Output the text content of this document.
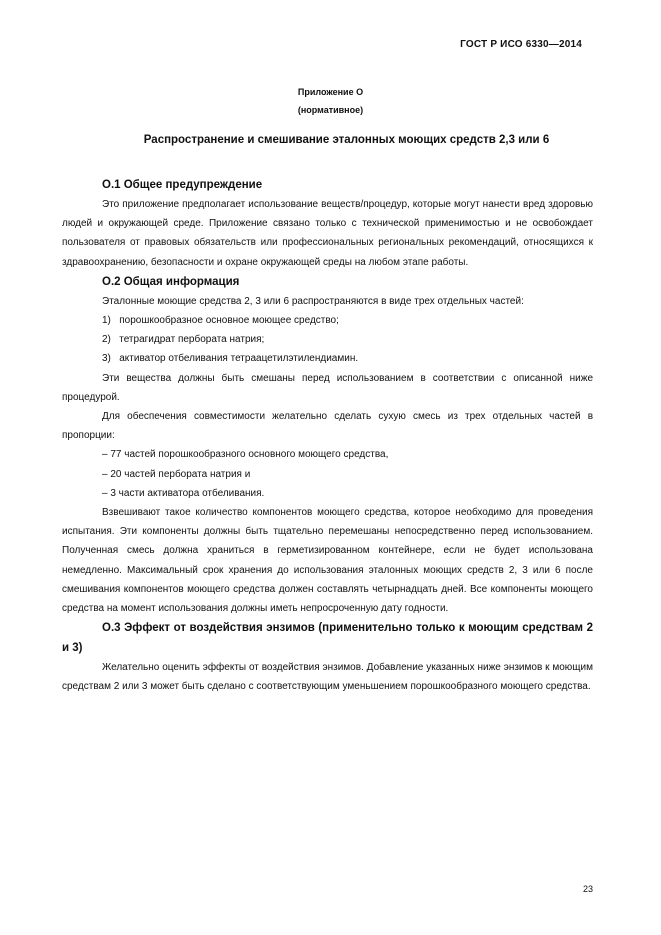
ГОСТ Р ИСО 6330—2014
Приложение O
(нормативное)
Распространение и смешивание эталонных моющих средств 2,3 или 6
O.1 Общее предупреждение

Это приложение предполагает использование веществ/процедур, которые могут нанести вред здоровью людей и окружающей среде. Приложение связано только с технической применимостью и не освобождает пользователя от правовых обязательств или профессиональных региональных рекомендаций, относящихся к здравоохранению, безопасности и охране окружающей среды на любом этапе работы.

O.2 Общая информация

Эталонные моющие средства 2, 3 или 6 распространяются в виде трех отдельных частей:

1)   порошкообразное основное моющее средство;
2)   тетрагидрат пербората натрия;
3)   активатор отбеливания тетраацетилэтилендиамин.

Эти вещества должны быть смешаны перед использованием в соответствии с описанной ниже процедурой.

Для обеспечения совместимости желательно сделать сухую смесь из трех отдельных частей в пропорции:

– 77 частей порошкообразного основного моющего средства,
– 20 частей пербората натрия и
– 3 части активатора отбеливания.

Взвешивают такое количество компонентов моющего средства, которое необходимо для проведения испытания. Эти компоненты должны быть тщательно перемешаны непосредственно перед использованием. Полученная смесь должна храниться в герметизированном контейнере, если не будет использована немедленно. Максимальный срок хранения до использования эталонных моющих средств 2, 3 или 6 после смешивания компонентов моющего средства должен составлять четырнадцать дней. Все компоненты моющего средства на момент использования должны иметь непросроченную дату годности.

O.3 Эффект от воздействия энзимов (применительно только к моющим средствам 2 и 3)

Желательно оценить эффекты от воздействия энзимов. Добавление указанных ниже энзимов к моющим средствам 2 или 3 может быть сделано с соответствующим уменьшением порошкообразного моющего средства.

23
